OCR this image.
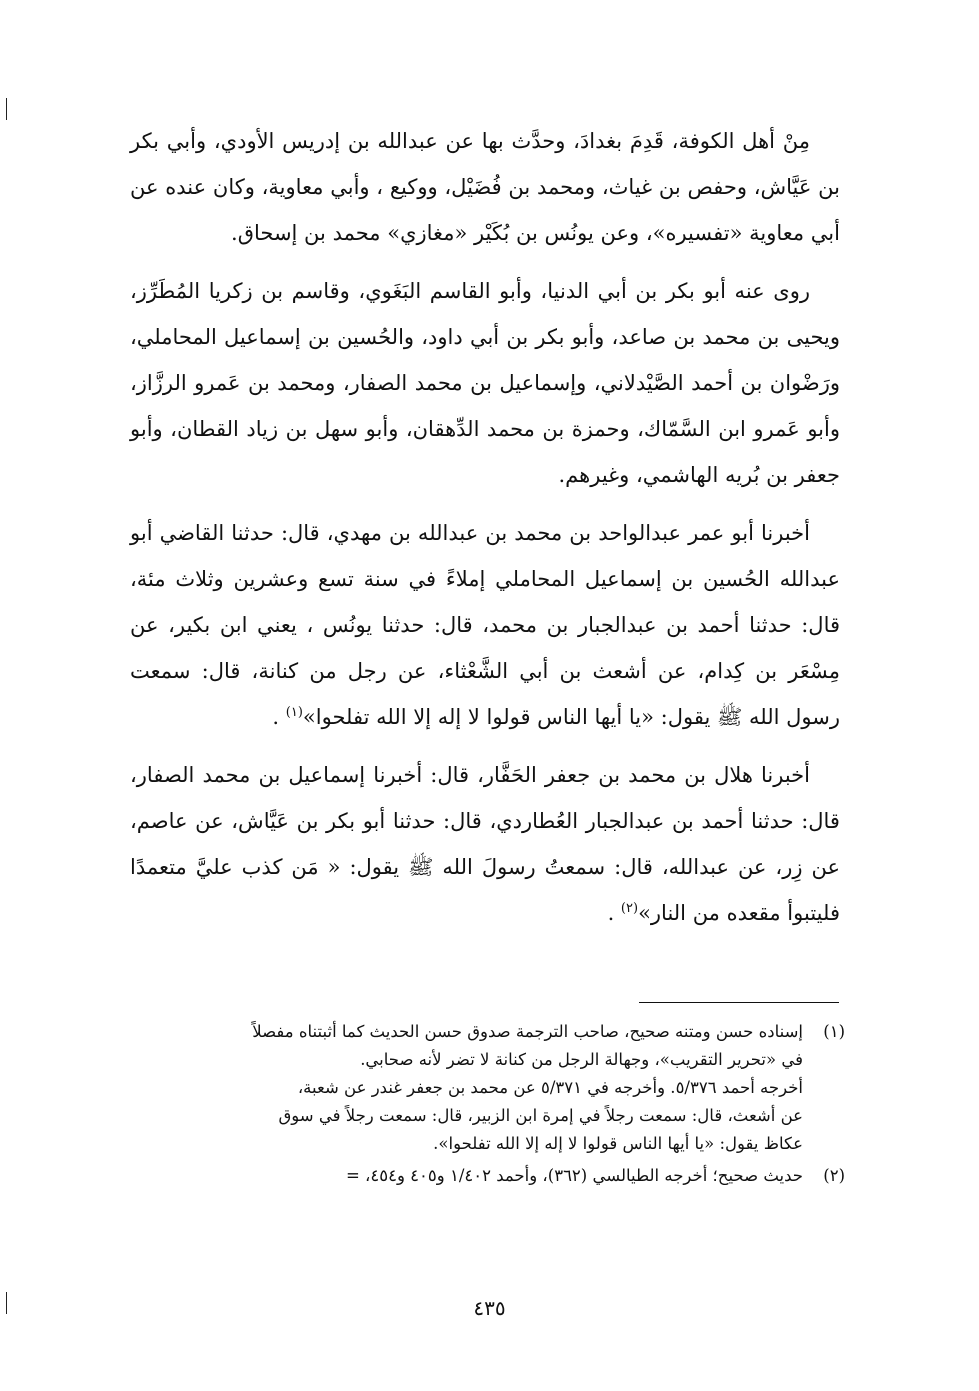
مِنْ أهل الكوفة، قَدِمَ بغدادَ، وحدَّث بها عن عبدالله بن إدريس الأودي، وأبي بكر بن عَيَّاش، وحفص بن غياث، ومحمد بن فُضَيْل، ووكيع ، وأبي معاوية، وكان عنده عن أبي معاوية «تفسيره»، وعن يونُس بن بُكَيْر «مغازي» محمد بن إسحاق.

روى عنه أبو بكر بن أبي الدنيا، وأبو القاسم البَغَوي، وقاسم بن زكريا المُطَرِّز، ويحيى بن محمد بن صاعد، وأبو بكر بن أبي داود، والحُسين بن إسماعيل المحاملي، ورَضْوان بن أحمد الصَّيْدلاني، وإسماعيل بن محمد الصفار، ومحمد بن عَمرو الرزَّاز، وأبو عَمرو ابن السَّمّاك، وحمزة بن محمد الدِّهقان، وأبو سهل بن زياد القطان، وأبو جعفر بن بُريه الهاشمي، وغيرهم.

أخبرنا أبو عمر عبدالواحد بن محمد بن عبدالله بن مهدي، قال: حدثنا القاضي أبو عبدالله الحُسين بن إسماعيل المحاملي إملاءً في سنة تسع وعشرين وثلاث مئة، قال: حدثنا أحمد بن عبدالجبار بن محمد، قال: حدثنا يونُس ، يعني ابن بكير، عن مِسْعَر بن كِدام، عن أشعث بن أبي الشَّعْثاء، عن رجل من كنانة، قال: سمعت رسول الله ﷺ يقول: «يا أيها الناس قولوا لا إله إلا الله تفلحوا»$^{(١)}$ .

أخبرنا هلال بن محمد بن جعفر الحَفَّار، قال: أخبرنا إسماعيل بن محمد الصفار، قال: حدثنا أحمد بن عبدالجبار العُطاردي، قال: حدثنا أبو بكر بن عَيَّاش، عن عاصم، عن زِر، عن عبدالله، قال: سمعتُ رسولَ الله ﷺ يقول: « مَن كذب عليَّ متعمدًا فليتبوأ مقعده من النار»$^{(٢)}$ .

(١)
إسناده حسن ومتنه صحيح، صاحب الترجمة صدوق حسن الحديث كما أثبتناه مفصلاً
في «تحرير التقريب»، وجهالة الرجل من كنانة لا تضر لأنه صحابي.
أخرجه أحمد ٥/٣٧٦. وأخرجه في ٥/٣٧١ عن محمد بن جعفر غندر عن شعبة،
عن أشعث، قال: سمعت رجلاً في إمرة ابن الزبير، قال: سمعت رجلاً في سوق
عكاظ يقول: «يا أيها الناس قولوا لا إله إلا الله تفلحوا».
(٢)
حديث صحيح؛ أخرجه الطيالسي (٣٦٢)، وأحمد ١/٤٠٢ و٤٠٥ و٤٥٤، =
٤٣٥
